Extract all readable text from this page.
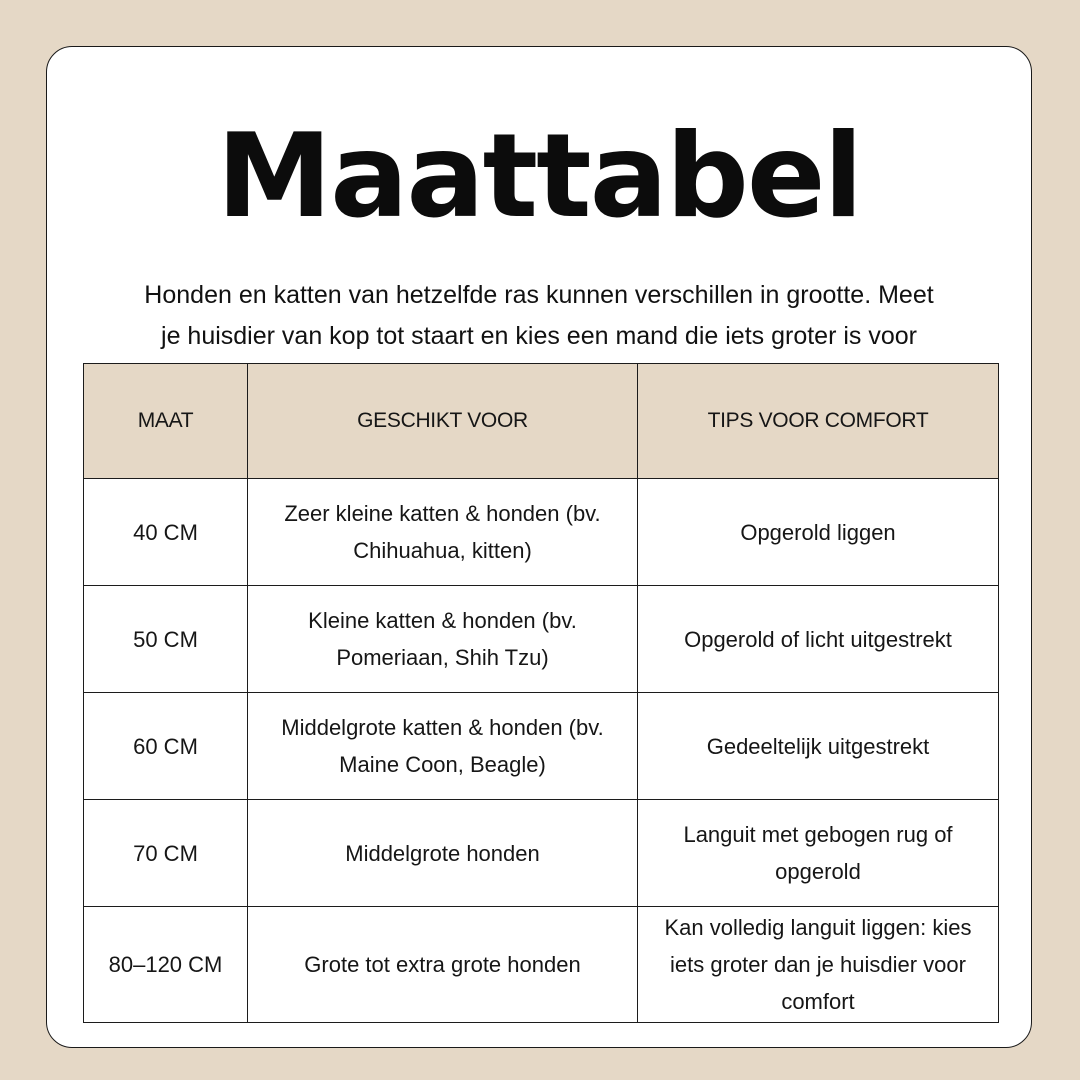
Maattabel
Honden en katten van hetzelfde ras kunnen verschillen in grootte. Meet je huisdier van kop tot staart en kies een mand die iets groter is voor
MAAT	GESCHIKT VOOR	TIPS VOOR COMFORT
40 CM	Zeer kleine katten & honden (bv. Chihuahua, kitten)	Opgerold liggen
50 CM	Kleine katten & honden (bv. Pomeriaan, Shih Tzu)	Opgerold of licht uitgestrekt
60 CM	Middelgrote katten & honden (bv. Maine Coon, Beagle)	Gedeeltelijk uitgestrekt
70 CM	Middelgrote honden	Languit met gebogen rug of opgerold
80–120 CM	Grote tot extra grote honden	Kan volledig languit liggen: kies iets groter dan je huisdier voor comfort
